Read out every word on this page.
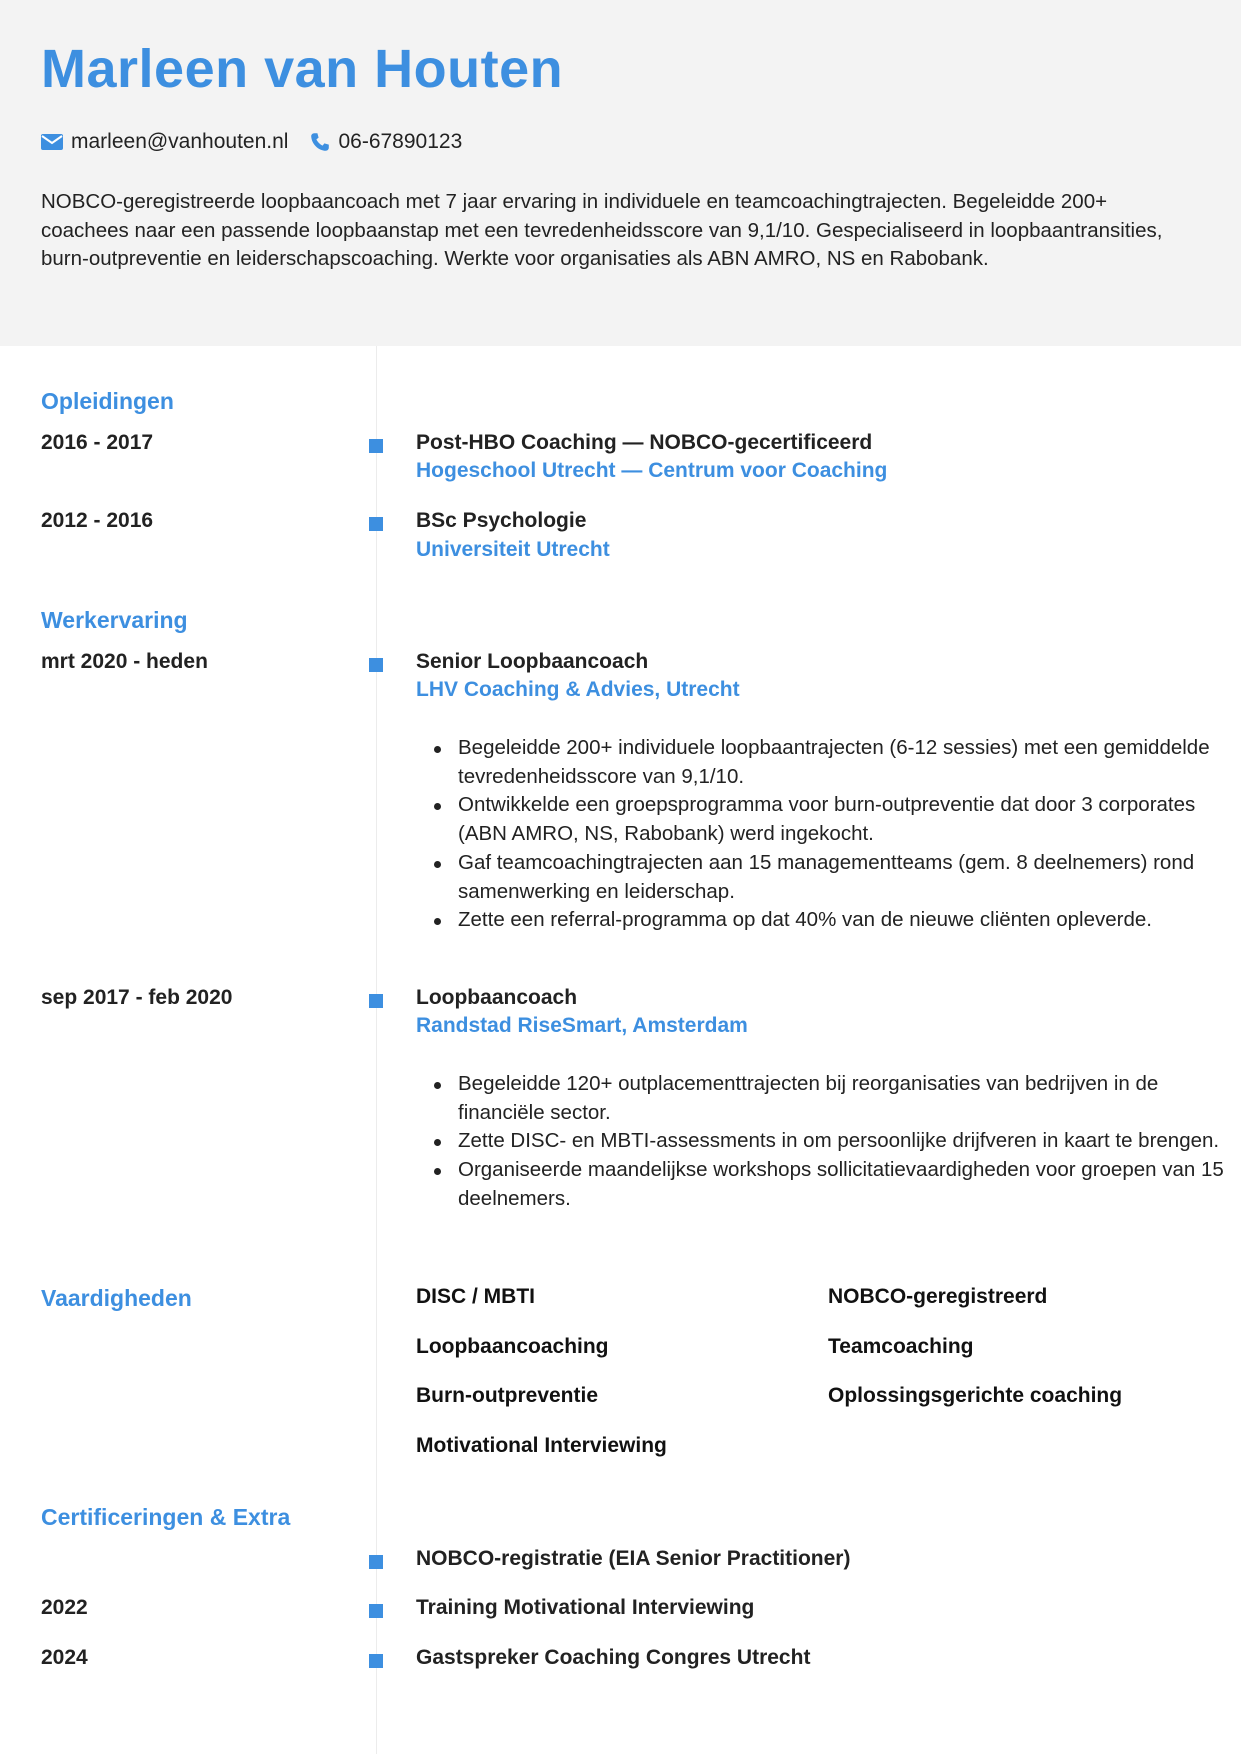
Marleen van Houten
marleen@vanhouten.nl 06-67890123

NOBCO-geregistreerde loopbaancoach met 7 jaar ervaring in individuele en teamcoachingtrajecten. Begeleidde 200+ coachees naar een passende loopbaanstap met een tevredenheidsscore van 9,1/10. Gespecialiseerd in loopbaantransities, burn-outpreventie en leiderschapscoaching. Werkte voor organisaties als ABN AMRO, NS en Rabobank.

Opleidingen
2016 - 2017	Post-HBO Coaching — NOBCO-gecertificeerd
Hogeschool Utrecht — Centrum voor Coaching
2012 - 2016	BSc Psychologie
Universiteit Utrecht
Werkervaring
mrt 2020 - heden	Senior Loopbaancoach
LHV Coaching & Advies, Utrecht
Begeleidde 200+ individuele loopbaantrajecten (6-12 sessies) met een gemiddelde tevredenheidsscore van 9,1/10.
Ontwikkelde een groepsprogramma voor burn-outpreventie dat door 3 corporates (ABN AMRO, NS, Rabobank) werd ingekocht.
Gaf teamcoachingtrajecten aan 15 managementteams (gem. 8 deelnemers) rond samenwerking en leiderschap.
Zette een referral-programma op dat 40% van de nieuwe cliënten opleverde.
sep 2017 - feb 2020	Loopbaancoach
Randstad RiseSmart, Amsterdam
Begeleidde 120+ outplacementtrajecten bij reorganisaties van bedrijven in de financiële sector.
Zette DISC- en MBTI-assessments in om persoonlijke drijfveren in kaart te brengen.
Organiseerde maandelijkse workshops sollicitatievaardigheden voor groepen van 15 deelnemers.
Vaardigheden	DISC / MBTI	NOBCO-geregistreerd
Loopbaancoaching	Teamcoaching
Burn-outpreventie	Oplossingsgerichte coaching
Motivational Interviewing
Certificeringen & Extra
NOBCO-registratie (EIA Senior Practitioner)
2022	Training Motivational Interviewing
2024	Gastspreker Coaching Congres Utrecht
